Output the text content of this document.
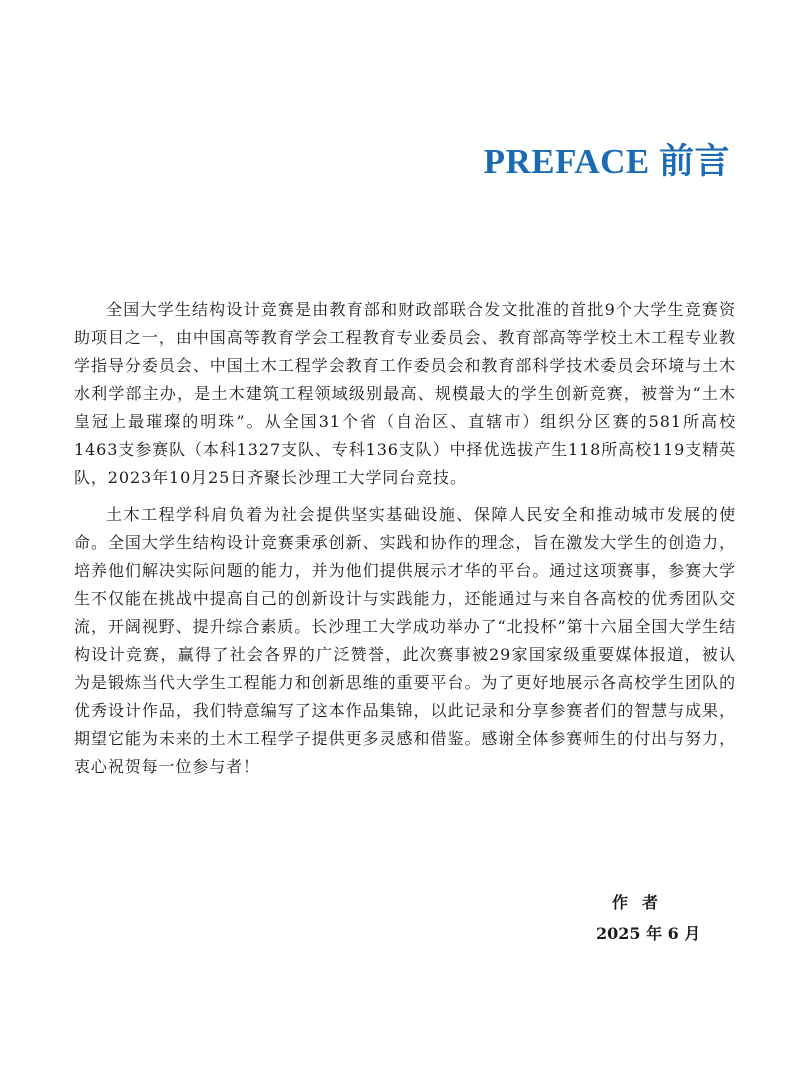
PREFACE 前言

全国大学生结构设计竞赛是由教育部和财政部联合发文批准的首批9个大学生竞赛资助项目之一，由中国高等教育学会工程教育专业委员会、教育部高等学校土木工程专业教学指导分委员会、中国土木工程学会教育工作委员会和教育部科学技术委员会环境与土木水利学部主办，是土木建筑工程领域级别最高、规模最大的学生创新竞赛，被誉为“土木皇冠上最璀璨的明珠”。从全国31个省（自治区、直辖市）组织分区赛的581所高校1463支参赛队（本科1327支队、专科136支队）中择优选拔产生118所高校119支精英队，2023年10月25日齐聚长沙理工大学同台竞技。

土木工程学科肩负着为社会提供坚实基础设施、保障人民安全和推动城市发展的使命。全国大学生结构设计竞赛秉承创新、实践和协作的理念，旨在激发大学生的创造力，培养他们解决实际问题的能力，并为他们提供展示才华的平台。通过这项赛事，参赛大学生不仅能在挑战中提高自己的创新设计与实践能力，还能通过与来自各高校的优秀团队交流，开阔视野、提升综合素质。长沙理工大学成功举办了“北投杯”第十六届全国大学生结构设计竞赛，赢得了社会各界的广泛赞誉，此次赛事被29家国家级重要媒体报道，被认为是锻炼当代大学生工程能力和创新思维的重要平台。为了更好地展示各高校学生团队的优秀设计作品，我们特意编写了这本作品集锦，以此记录和分享参赛者们的智慧与成果，期望它能为未来的土木工程学子提供更多灵感和借鉴。感谢全体参赛师生的付出与努力，衷心祝贺每一位参与者！

作者
2025 年 6 月
